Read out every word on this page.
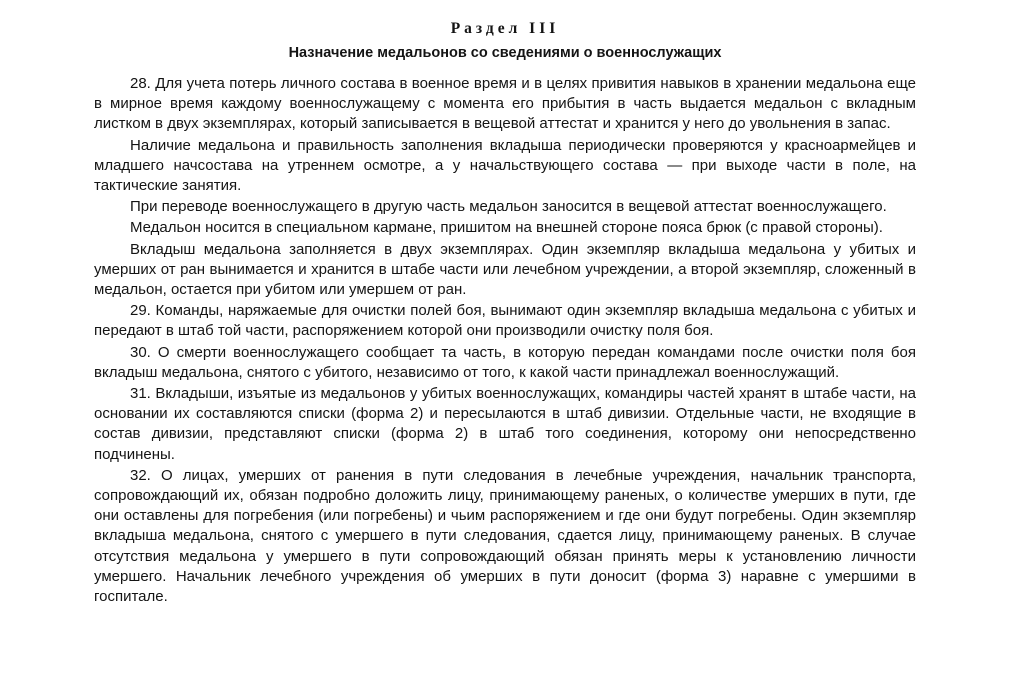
Раздел III
Назначение медальонов со сведениями о военнослужащих

28. Для учета потерь личного состава в военное время и в целях привития навыков в хранении медальона еще в мирное время каждому военнослужащему с момента его прибытия в часть выдается медальон с вкладным листком в двух экземплярах, который записывается в вещевой аттестат и хранится у него до увольнения в запас.

Наличие медальона и правильность заполнения вкладыша периодически проверяются у красноармейцев и младшего начсостава на утреннем осмотре, а у начальствующего состава — при выходе части в поле, на тактические занятия.

При переводе военнослужащего в другую часть медальон заносится в вещевой аттестат военнослужащего.

Медальон носится в специальном кармане, пришитом на внешней стороне пояса брюк (с правой стороны).

Вкладыш медальона заполняется в двух экземплярах. Один экземпляр вкладыша медальона у убитых и умерших от ран вынимается и хранится в штабе части или лечебном учреждении, а второй экземпляр, сложенный в медальон, остается при убитом или умершем от ран.

29. Команды, наряжаемые для очистки полей боя, вынимают один экземпляр вкладыша медальона с убитых и передают в штаб той части, распоряжением которой они производили очистку поля боя.

30. О смерти военнослужащего сообщает та часть, в которую передан командами после очистки поля боя вкладыш медальона, снятого с убитого, независимо от того, к какой части принадлежал военнослужащий.

31. Вкладыши, изъятые из медальонов у убитых военнослужащих, командиры частей хранят в штабе части, на основании их составляются списки (форма 2) и пересылаются в штаб дивизии. Отдельные части, не входящие в состав дивизии, представляют списки (форма 2) в штаб того соединения, которому они непосредственно подчинены.

32. О лицах, умерших от ранения в пути следования в лечебные учреждения, начальник транспорта, сопровождающий их, обязан подробно доложить лицу, принимающему раненых, о количестве умерших в пути, где они оставлены для погребения (или погребены) и чьим распоряжением и где они будут погребены. Один экземпляр вкладыша медальона, снятого с умершего в пути следования, сдается лицу, принимающему раненых. В случае отсутствия медальона у умершего в пути сопровождающий обязан принять меры к установлению личности умершего. Начальник лечебного учреждения об умерших в пути доносит (форма 3) наравне с умершими в госпитале.
